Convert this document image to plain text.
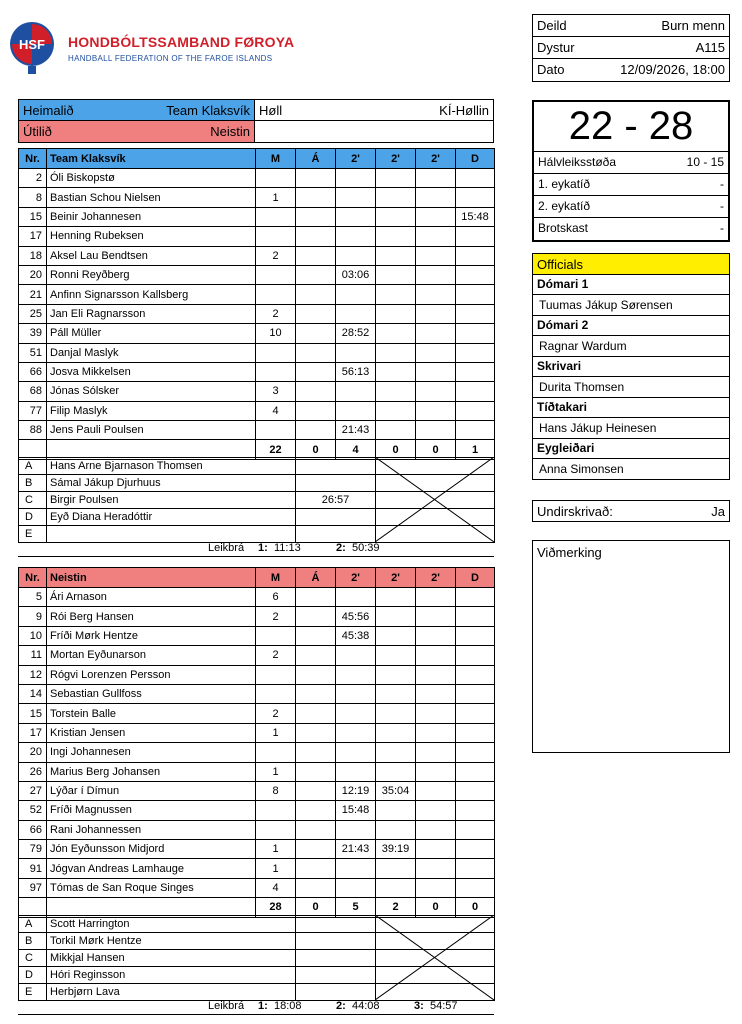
HSF HONDBÓLTSSAMBAND FØROYA
HANDBALL FEDERATION OF THE FAROE ISLANDS
Deild	Burn menn
Dystur	A115
Dato	12/09/2026, 18:00
Heimalið	Team Klaksvík Høll	KÍ-Høllin
Útilið	Neistin	22 - 28
Hálvleiksstøða	10 - 15
1. eykatíð	-
2. eykatíð	-
Brotskast	-
Nr.	Team Klaksvík	M	Á	2'	2'	2'	D
2	Óli Biskopstø						
8	Bastian Schou Nielsen	1					
15	Beinir Johannesen						15:48
17	Henning Rubeksen						
18	Aksel Lau Bendtsen	2					
20	Ronni Reyðberg			03:06			
21	Anfinn Signarsson Kallsberg						
25	Jan Eli Ragnarsson	2					
39	Páll Müller	10		28:52			
51	Danjal Maslyk						
66	Josva Mikkelsen			56:13			
68	Jónas Sólsker	3					
77	Filip Maslyk	4					
88	Jens Pauli Poulsen			21:43			
		22	0	4	0	0	1
A	Hans Arne Bjarnason Thomsen		
B	Sámal Jákup Djurhuus		
C	Birgir Poulsen	26:57	
D	Eyð Diana Heradóttir		
E			
Leikbrá 1: 11:13	2: 50:39
Nr.	Neistin	M	Á	2'	2'	2'	D
5	Ári Arnason	6					
9	Rói Berg Hansen	2		45:56			
10	Fríði Mørk Hentze			45:38			
11	Mortan Eyðunarson	2					
12	Rógvi Lorenzen Persson						
14	Sebastian Gullfoss						
15	Torstein Balle	2					
17	Kristian Jensen	1					
20	Ingi Johannesen						
26	Marius Berg Johansen	1					
27	Lýðar í Dímun	8		12:19	35:04		
52	Fríði Magnussen			15:48			
66	Rani Johannessen						
79	Jón Eyðunsson Midjord	1		21:43	39:19		
91	Jógvan Andreas Lamhauge	1					
97	Tómas de San Roque Singes	4					
		28	0	5	2	0	0
A	Scott Harrington		
B	Torkil Mørk Hentze		
C	Mikkjal Hansen		
D	Hóri Reginsson		
E	Herbjørn Lava		
Leikbrá 1: 18:08	2: 44:08	3: 54:57
Officials
Dómari 1
Tuumas Jákup Sørensen
Dómari 2
Ragnar Wardum
Skrivari
Durita Thomsen
Tíðtakari
Hans Jákup Heinesen
Eygleiðari
Anna Simonsen
Undirskrivað:	Ja
Viðmerking
